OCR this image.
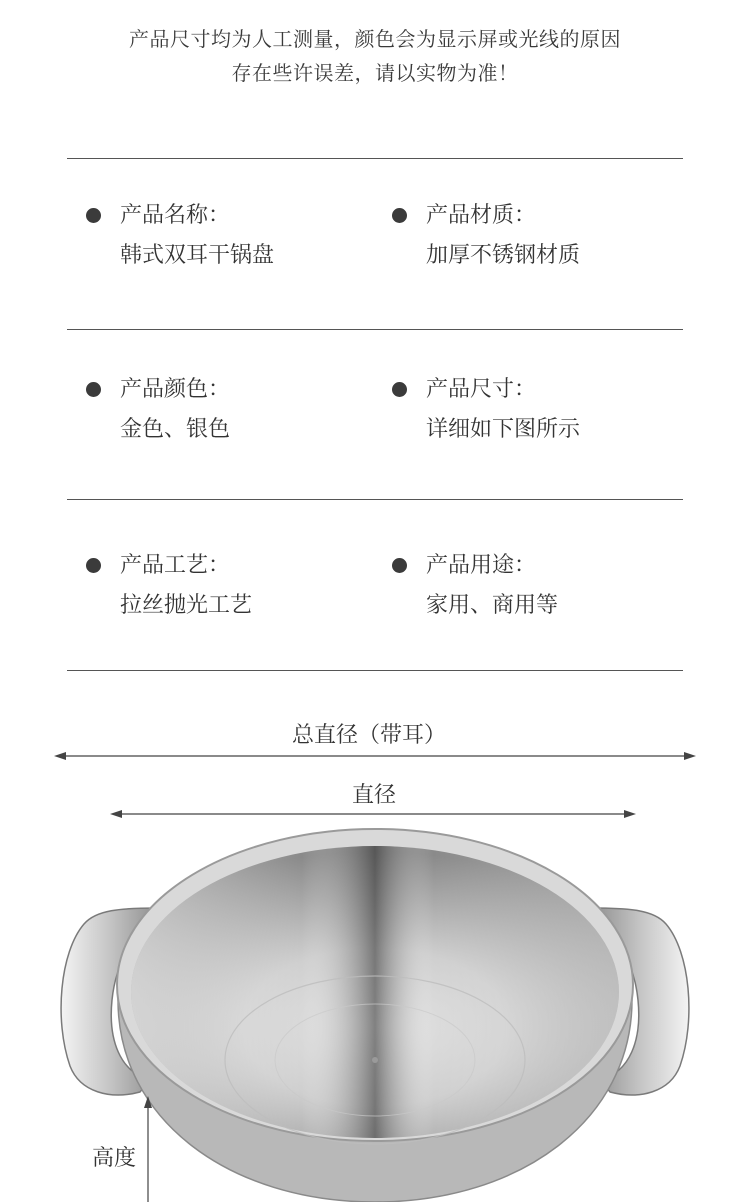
产品尺寸均为人工测量，颜色会为显示屏或光线的原因
存在些许误差，请以实物为准！
产品名称：
韩式双耳干锅盘
产品材质：
加厚不锈钢材质
产品颜色：
金色、银色
产品尺寸：
详细如下图所示
产品工艺：
拉丝抛光工艺
产品用途：
家用、商用等
总直径（带耳）
直径
高度
